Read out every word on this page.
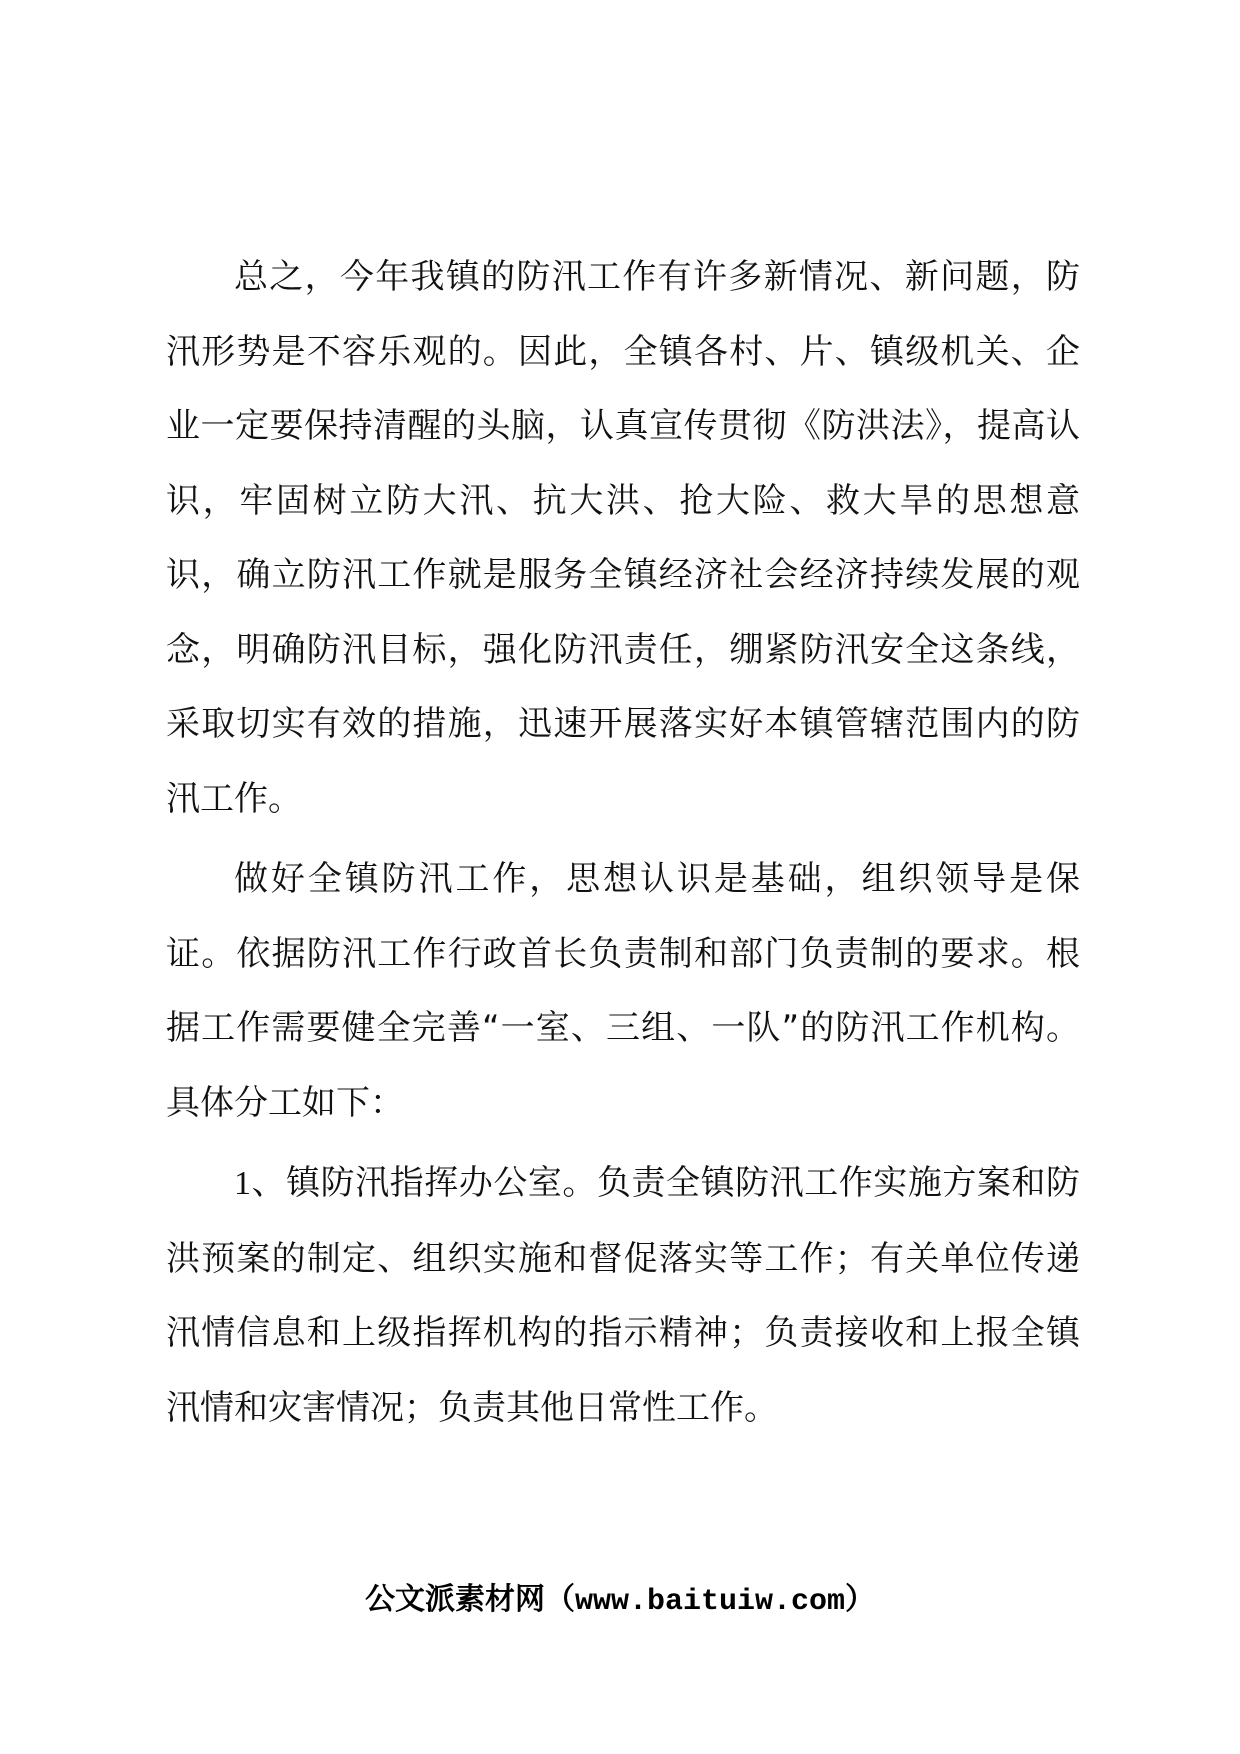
总之，今年我镇的防汛工作有许多新情况、新问题，防汛形势是不容乐观的。因此，全镇各村、片、镇级机关、企业一定要保持清醒的头脑，认真宣传贯彻《防洪法》，提高认识，牢固树立防大汛、抗大洪、抢大险、救大旱的思想意识，确立防汛工作就是服务全镇经济社会经济持续发展的观念，明确防汛目标，强化防汛责任，绷紧防汛安全这条线，采取切实有效的措施，迅速开展落实好本镇管辖范围内的防汛工作。

做好全镇防汛工作，思想认识是基础，组织领导是保证。依据防汛工作行政首长负责制和部门负责制的要求。根据工作需要健全完善“一室、三组、一队”的防汛工作机构。具体分工如下：

1、镇防汛指挥办公室。负责全镇防汛工作实施方案和防洪预案的制定、组织实施和督促落实等工作；有关单位传递汛情信息和上级指挥机构的指示精神；负责接收和上报全镇汛情和灾害情况；负责其他日常性工作。

公文派素材网（www.baituiw.com）
